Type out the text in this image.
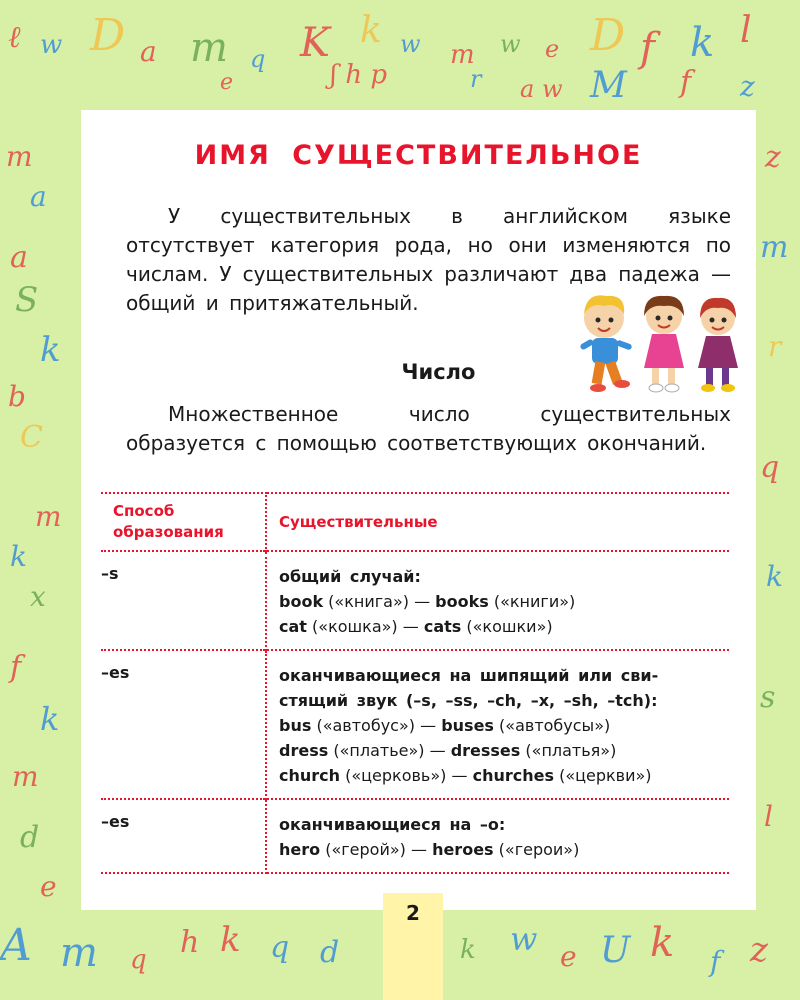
ℓ w D a m q K k w m w e D f k l
e	ʃ h p	r a w M f z
m
a
a
S
k
b
C
m
k
x
f
k
m
d
e
z
m
r
q
k
s
l
A m q h k q d	k w e U k f z
ИМЯ СУЩЕСТВИТЕЛЬНОЕ

У существительных в английском языке отсутствует категория рода, но они изменяются по числам. У существительных различают два падежа — общий и притяжательный.

Число

Множественное число существительных образуется с помощью соответствующих окончаний.

Способ образования	Существительные
–s	общий случай:
book («книга») — books («книги»)
cat («кошка») — cats («кошки»)

–es	оканчивающиеся на шипящий или сви-
стящий звук (–s, –ss, –ch, –x, –sh, –tch):
bus («автобус») — buses («автобусы»)
dress («платье») — dresses («платья»)
church («церковь») — churches («церкви»)

–es	оканчивающиеся на –o:
hero («герой») — heroes («герои»)
2
